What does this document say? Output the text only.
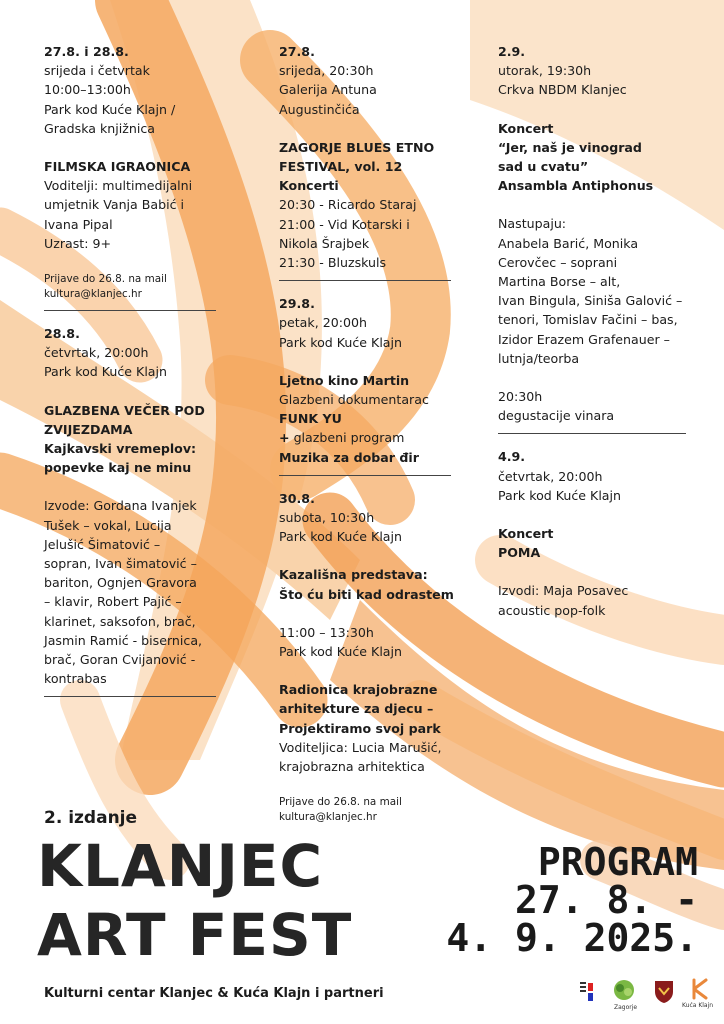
27.8. i 28.8.

srijeda i četvrtak

10:00–13:00h

Park kod Kuće Klajn /

Gradska knjižnica

FILMSKA IGRAONICA

Voditelji: multimedijalni

umjetnik Vanja Babić i

Ivana Pipal

Uzrast: 9+

Prijave do 26.8. na mail

kultura@klanjec.hr

28.8.

četvrtak, 20:00h

Park kod Kuće Klajn

GLAZBENA VEČER POD

ZVIJEZDAMA

Kajkavski vremeplov:

popevke kaj ne minu

Izvode: Gordana Ivanjek

Tušek – vokal, Lucija

Jelušić Šimatović –

sopran, Ivan šimatović –

bariton, Ognjen Gravora

– klavir, Robert Pajić –

klarinet, saksofon, brač,

Jasmin Ramić - bisernica,

brač, Goran Cvijanović -

kontrabas

27.8.

srijeda, 20:30h

Galerija Antuna

Augustinčića

ZAGORJE BLUES ETNO

FESTIVAL, vol. 12

Koncerti

20:30 - Ricardo Staraj

21:00 - Vid Kotarski i

Nikola Šrajbek

21:30 - Bluzskuls

29.8.

petak, 20:00h

Park kod Kuće Klajn

Ljetno kino Martin

Glazbeni dokumentarac

FUNK YU

+ glazbeni program

Muzika za dobar đir

30.8.

subota, 10:30h

Park kod Kuće Klajn

Kazališna predstava:

Što ću biti kad odrastem

11:00 – 13:30h

Park kod Kuće Klajn

Radionica krajobrazne

arhitekture za djecu –

Projektiramo svoj park

Voditeljica: Lucia Marušić,

krajobrazna arhitektica

Prijave do 26.8. na mail

kultura@klanjec.hr

2.9.

utorak, 19:30h

Crkva NBDM Klanjec

Koncert

“Jer, naš je vinograd

sad u cvatu”

Ansambla Antiphonus

Nastupaju:

Anabela Barić, Monika

Cerovčec – soprani

Martina Borse – alt,

Ivan Bingula, Siniša Galović –

tenori, Tomislav Fačini – bas,

Izidor Erazem Grafenauer –

lutnja/teorba

20:30h

degustacije vinara

4.9.

četvrtak, 20:00h

Park kod Kuće Klajn

Koncert

POMA

Izvodi: Maja Posavec

acoustic pop-folk

2. izdanje
KLANJEC
ART FEST
PROGRAM
27. 8. -
4. 9. 2025.
Kulturni centar Klanjec & Kuća Klajn i partneri
Zagorje	Kuća Klajn
